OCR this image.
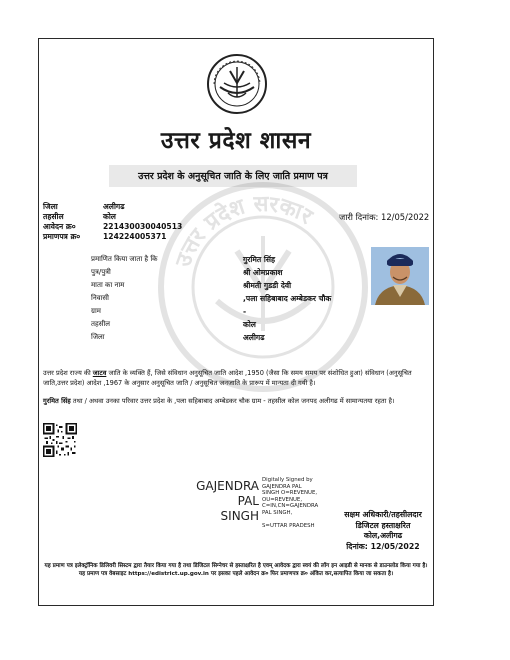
उत्तर प्रदेश शासन
उत्तर प्रदेश के अनुसूचित जाति के लिए जाति प्रमाण पत्र
उत्तर प्रदेश सरकार
जिला	अलीगढ
तहसील	कोल
आवेदन क्र०	221430030040513
प्रमाणपत्र क्र०	124224005371
जारी दिनांक: 12/05/2022
प्रमाणित किया जाता है कि	गुरमित सिंह
पुत्र/पुत्री	श्री ओमप्रकाश
माता का नाम	श्रीमती गुडडी देवी
निवासी	,पला सहिबाबाद अम्बेडकर चौक
ग्राम	-
तहसील	कोल
जिला	अलीगढ
उत्तर प्रदेश राज्य की जाटव जाति के व्यक्ति हैं, जिसे संविधान अनुसूचित जाति आदेश ,1950 (जैसा कि समय समय पर संशोधित हुआ) संविधान (अनुसूचित जाति,उत्तर प्रदेश) आदेश ,1967 के अनुसार अनुसूचित जाति / अनुसूचित जनजाति के प्रारूप में मान्यता दी गयी है।
गुरमित सिंह तथा / अथवा उनका परिवार उत्तर प्रदेश के ,पला सहिबाबाद अम्बेडकर चौक ग्राम - तहसील कोल जनपद अलीगढ में सामान्यतया रहता है।
GAJENDRA
PAL
SINGH
Digitally Signed by
GAJENDRA PAL
SINGH O=REVENUE,
OU=REVENUE,
C=IN,CN=GAJENDRA
PAL SINGH,
S=UTTAR PRADESH
सक्षम अधिकारी/तहसीलदार
डिजिटल हस्ताक्षरित
कोल,अलीगढ
दिनांक: 12/05/2022
यह प्रमाण पत्र इलेक्ट्रॉनिक डिलिवरी सिस्टम द्वारा तैयार किया गया है तथा डिजिटल सिग्नेचर से हस्ताक्षरित है एवम् आवेदक द्वारा स्वयं की लॉग इन आइडी से मानक से डाउनलोड किया गया है। यह प्रमाण पत्र वेबसाइट https://edistrict.up.gov.in पर इसका पहले आवेदन क्र० फिर प्रमाणपत्र क्र० अंकित कर,सत्यापित किया जा सकता है।
